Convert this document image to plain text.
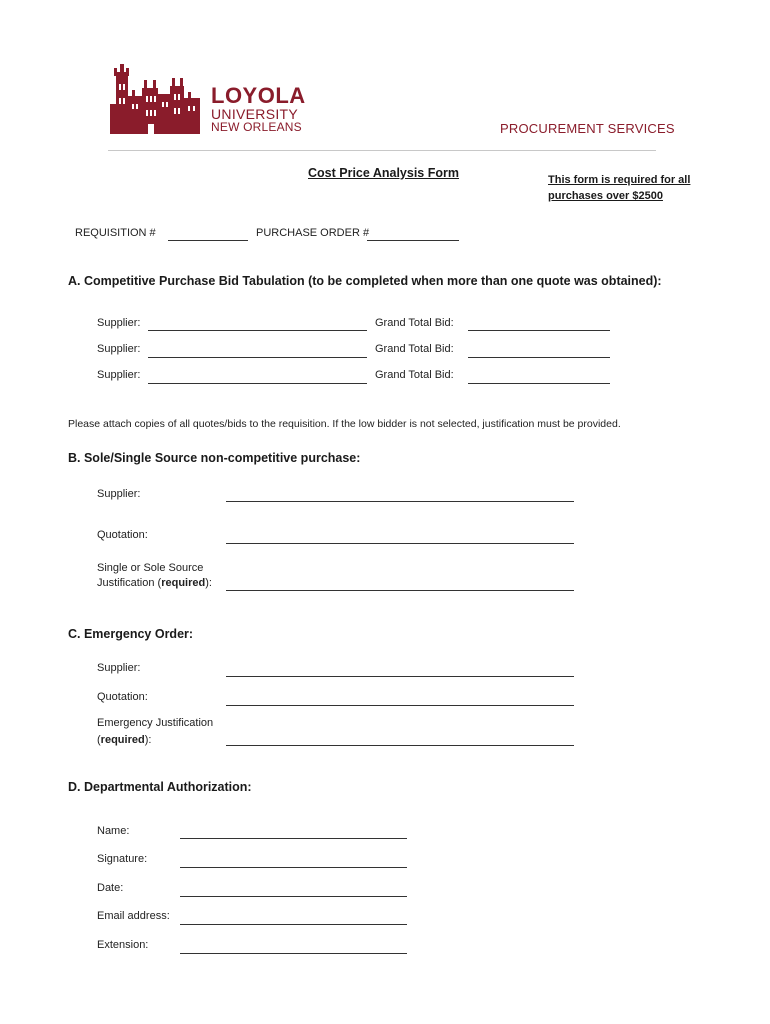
LOYOLA
UNIVERSITY
NEW ORLEANS	PROCUREMENT SERVICES
Cost Price Analysis Form	This form is required for all
purchases over $2500
REQUISITION #	PURCHASE ORDER #
A. Competitive Purchase Bid Tabulation (to be completed when more than one quote was obtained):
Supplier:	Grand Total Bid:
Supplier:	Grand Total Bid:
Supplier:	Grand Total Bid:
Please attach copies of all quotes/bids to the requisition. If the low bidder is not selected, justification must be provided.
B. Sole/Single Source non-competitive purchase:
Supplier:
Quotation:
Single or Sole Source
Justification (required):
C. Emergency Order:
Supplier:
Quotation:
Emergency Justification
(required):
D. Departmental Authorization:
Name:
Signature:
Date:
Email address:
Extension:
